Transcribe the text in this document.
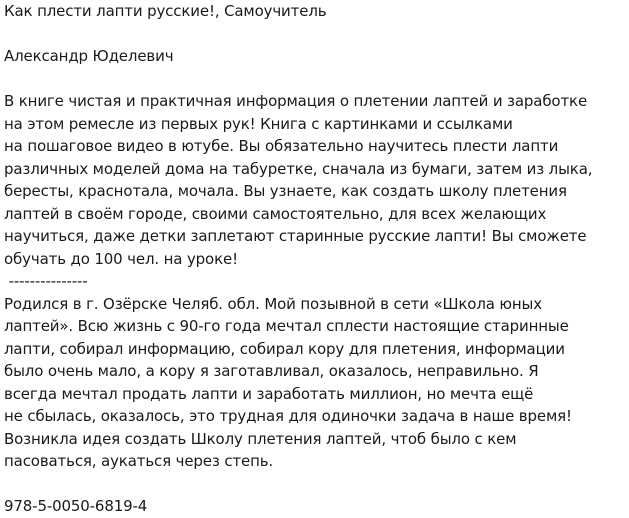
Как плести лапти русские!, Самоучитель
Александр Юделевич
В книге чистая и практичная информация о плетении лаптей и заработке
на этом ремесле из первых рук! Книга с картинками и ссылками
на пошаговое видео в ютубе. Вы обязательно научитесь плести лапти
различных моделей дома на табуретке, сначала из бумаги, затем из лыка,
бересты, краснотала, мочала. Вы узнаете, как создать школу плетения
лаптей в своём городе, своими самостоятельно, для всех желающих
научиться, даже детки заплетают старинные русские лапти! Вы сможете
обучать до 100 чел. на уроке!
---------------
Родился в г. Озёрске Челяб. обл. Мой позывной в сети «Школа юных
лаптей». Всю жизнь с 90-го года мечтал сплести настоящие старинные
лапти, собирал информацию, собирал кору для плетения, информации
было очень мало, а кору я заготавливал, оказалось, неправильно. Я
всегда мечтал продать лапти и заработать миллион, но мечта ещё
не сбылась, оказалось, это трудная для одиночки задача в наше время!
Возникла идея создать Школу плетения лаптей, чтоб было с кем
пасоваться, аукаться через степь.
978-5-0050-6819-4
